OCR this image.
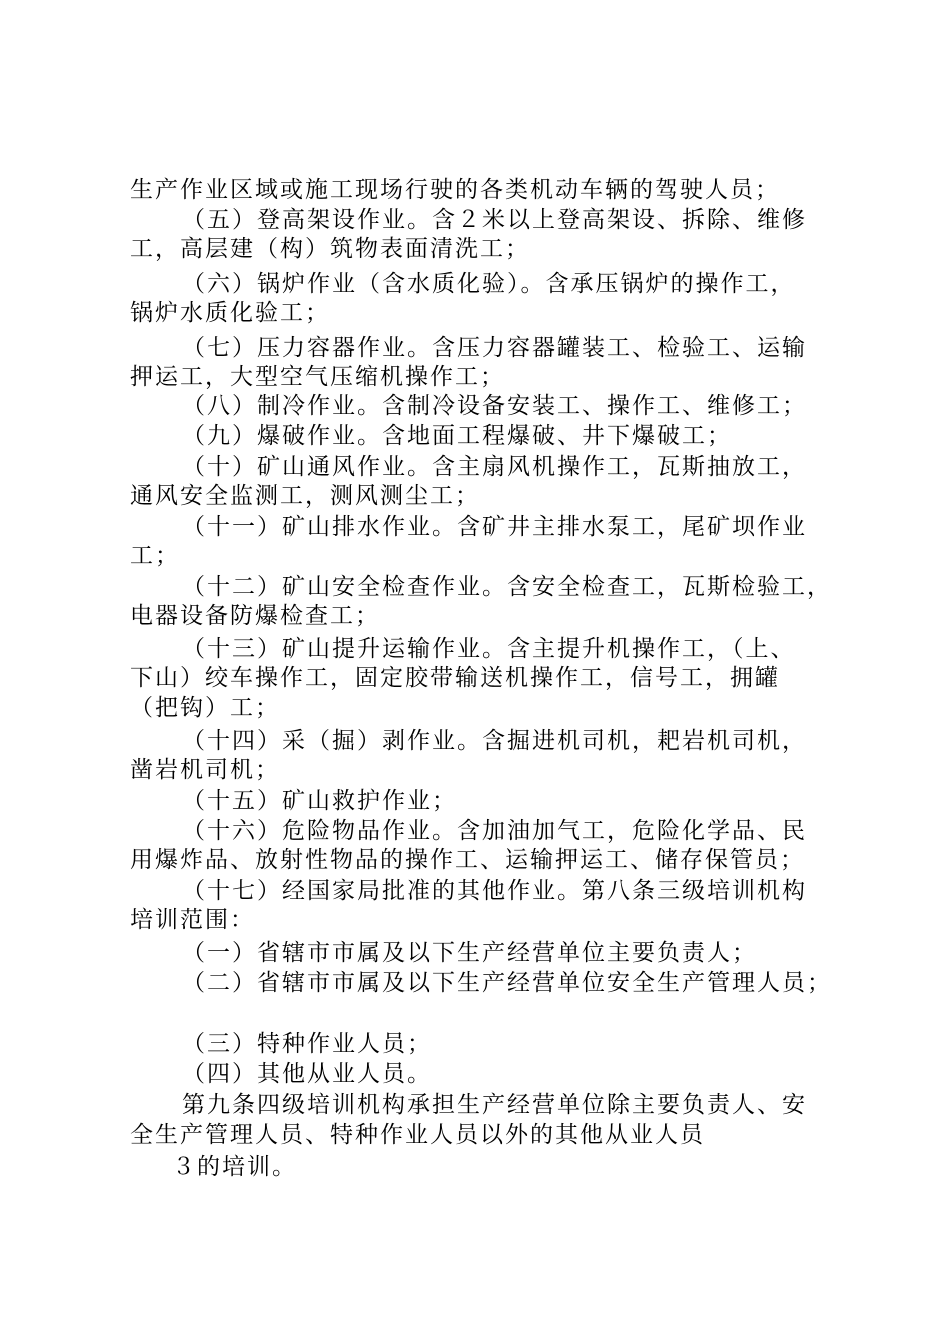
生产作业区域或施工现场行驶的各类机动车辆的驾驶人员；
（五）登高架设作业。含２米以上登高架设、拆除、维修
工，高层建（构）筑物表面清洗工；
（六）锅炉作业（含水质化验）。含承压锅炉的操作工，
锅炉水质化验工；
（七）压力容器作业。含压力容器罐装工、检验工、运输
押运工，大型空气压缩机操作工；
（八）制冷作业。含制冷设备安装工、操作工、维修工；
（九）爆破作业。含地面工程爆破、井下爆破工；
（十）矿山通风作业。含主扇风机操作工，瓦斯抽放工，
通风安全监测工，测风测尘工；
（十一）矿山排水作业。含矿井主排水泵工，尾矿坝作业
工；
（十二）矿山安全检查作业。含安全检查工，瓦斯检验工，
电器设备防爆检查工；
（十三）矿山提升运输作业。含主提升机操作工，（上、
下山）绞车操作工，固定胶带输送机操作工，信号工，拥罐
（把钩）工；
（十四）采（掘）剥作业。含掘进机司机，耙岩机司机，
凿岩机司机；
（十五）矿山救护作业；
（十六）危险物品作业。含加油加气工，危险化学品、民
用爆炸品、放射性物品的操作工、运输押运工、储存保管员；
（十七）经国家局批准的其他作业。第八条三级培训机构
培训范围：
（一）省辖市市属及以下生产经营单位主要负责人；
（二）省辖市市属及以下生产经营单位安全生产管理人员；
（三）特种作业人员；
（四）其他从业人员。
第九条四级培训机构承担生产经营单位除主要负责人、安
全生产管理人员、特种作业人员以外的其他从业人员
３的培训。
